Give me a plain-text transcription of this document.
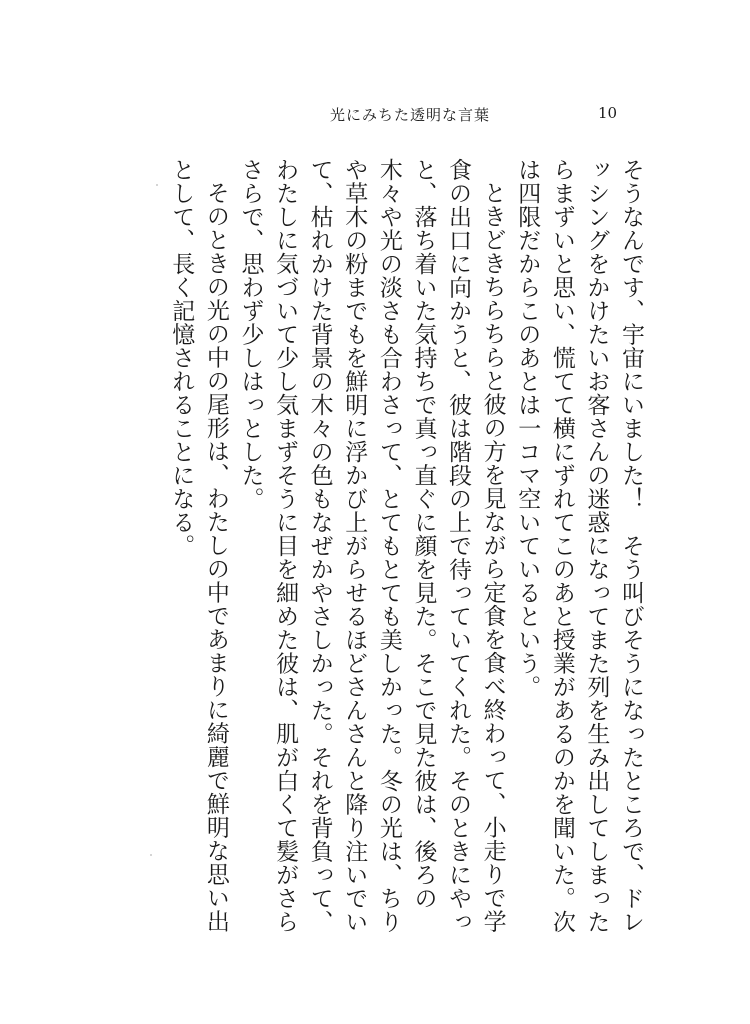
光にみちた透明な言葉	10

そうなんです、宇宙にいました！　そう叫びそうになったところで、ドレッシングをかけたいお客さんの迷惑になってまた列を生み出してしまったらまずいと思い、慌てて横にずれてこのあと授業があるのかを聞いた。次は四限だからこのあとは一コマ空いているという。

ときどきちらちらと彼の方を見ながら定食を食べ終わって、小走りで学食の出口に向かうと、彼は階段の上で待っていてくれた。そのときにやっと、落ち着いた気持ちで真っ直ぐに顔を見た。そこで見た彼は、後ろの木々や光の淡さも合わさって、とてもとても美しかった。冬の光は、ちりや草木の粉までもを鮮明に浮かび上がらせるほどさんさんと降り注いでいて、枯れかけた背景の木々の色もなぜかやさしかった。それを背負って、わたしに気づいて少し気まずそうに目を細めた彼は、肌が白くて髪がさらさらで、思わず少しはっとした。

そのときの光の中の尾形は、わたしの中であまりに綺麗で鮮明な思い出として、長く記憶されることになる。
